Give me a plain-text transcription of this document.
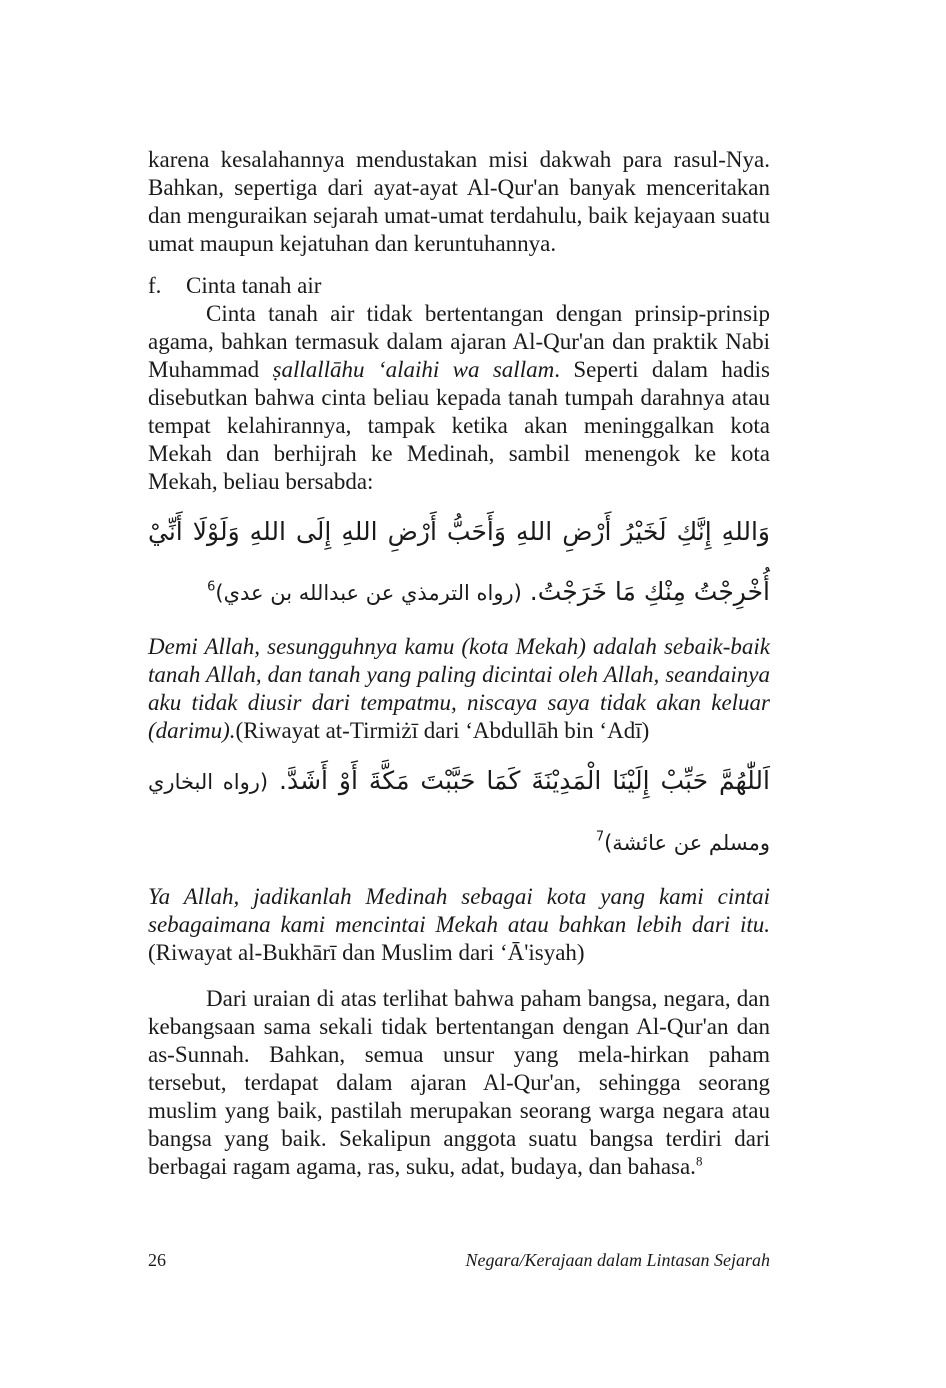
karena kesalahannya mendustakan misi dakwah para rasul-Nya. Bahkan, sepertiga dari ayat-ayat Al-Qur'an banyak menceritakan dan menguraikan sejarah umat-umat terdahulu, baik kejayaan suatu umat maupun kejatuhan dan keruntuhannya.

f. Cinta tanah air

Cinta tanah air tidak bertentangan dengan prinsip-prinsip agama, bahkan termasuk dalam ajaran Al-Qur'an dan praktik Nabi Muhammad ṣallallāhu ‘alaihi wa sallam. Seperti dalam hadis disebutkan bahwa cinta beliau kepada tanah tumpah darahnya atau tempat kelahirannya, tampak ketika akan meninggalkan kota Mekah dan berhijrah ke Medinah, sambil menengok ke kota Mekah, beliau bersabda:

وَاللهِ إِنَّكِ لَخَيْرُ أَرْضِ اللهِ وَأَحَبُّ أَرْضِ اللهِ إِلَى اللهِ وَلَوْلَا أَنِّيْ أُخْرِجْتُ مِنْكِ مَا خَرَجْتُ. (رواه الترمذي عن عبدالله بن عدي)$^6$

Demi Allah, sesungguhnya kamu (kota Mekah) adalah sebaik-baik tanah Allah, dan tanah yang paling dicintai oleh Allah, seandainya aku tidak diusir dari tempatmu, niscaya saya tidak akan keluar (darimu).(Riwayat at-Tirmiżī dari ‘Abdullāh bin ‘Adī)

اَللّٰهُمَّ حَبِّبْ إِلَيْنَا الْمَدِيْنَةَ كَمَا حَبَّبْتَ مَكَّةَ أَوْ أَشَدَّ. (رواه البخاري ومسلم عن عائشة)$^7$

Ya Allah, jadikanlah Medinah sebagai kota yang kami cintai sebagaimana kami mencintai Mekah atau bahkan lebih dari itu. (Riwayat al-Bukhārī dan Muslim dari ‘Ā'isyah)

Dari uraian di atas terlihat bahwa paham bangsa, negara, dan kebangsaan sama sekali tidak bertentangan dengan Al-Qur'an dan as-Sunnah. Bahkan, semua unsur yang mela-hirkan paham tersebut, terdapat dalam ajaran Al-Qur'an, sehingga seorang muslim yang baik, pastilah merupakan seorang warga negara atau bangsa yang baik. Sekalipun anggota suatu bangsa terdiri dari berbagai ragam agama, ras, suku, adat, budaya, dan bahasa.$^8$

26	Negara/Kerajaan dalam Lintasan Sejarah
